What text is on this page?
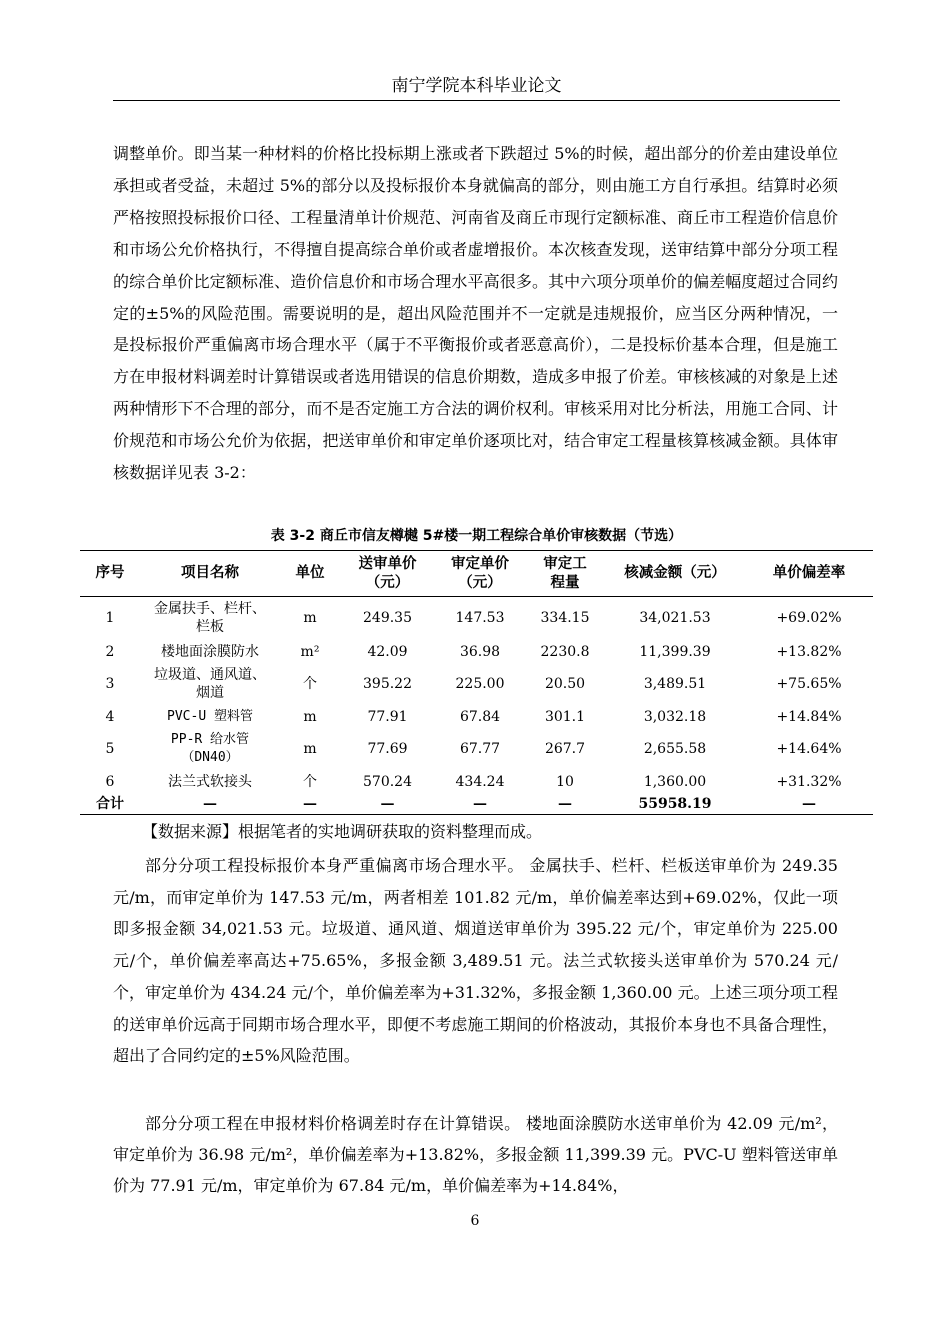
南宁学院本科毕业论文

调整单价。即当某一种材料的价格比投标期上涨或者下跌超过 5%的时候，超出部分的价差由建设单位承担或者受益，未超过 5%的部分以及投标报价本身就偏高的部分，则由施工方自行承担。结算时必须严格按照投标报价口径、工程量清单计价规范、河南省及商丘市现行定额标准、商丘市工程造价信息价和市场公允价格执行，不得擅自提高综合单价或者虚增报价。本次核查发现，送审结算中部分分项工程的综合单价比定额标准、造价信息价和市场合理水平高很多。其中六项分项单价的偏差幅度超过合同约定的±5%的风险范围。需要说明的是，超出风险范围并不一定就是违规报价，应当区分两种情况，一是投标报价严重偏离市场合理水平（属于不平衡报价或者恶意高价），二是投标价基本合理，但是施工方在申报材料调差时计算错误或者选用错误的信息价期数，造成多申报了价差。审核核减的对象是上述两种情形下不合理的部分，而不是否定施工方合法的调价权利。审核采用对比分析法，用施工合同、计价规范和市场公允价为依据，把送审单价和审定单价逐项比对，结合审定工程量核算核减金额。具体审核数据详见表 3-2：

表 3-2 商丘市信友樽樾 5#楼一期工程综合单价审核数据（节选）
序号	项目名称	单位	送审单价
（元）	审定单价
（元）	审定工
程量	核减金额（元）	单价偏差率
1	金属扶手、栏杆、
栏板	m	249.35	147.53	334.15	34,021.53	+69.02%
2	楼地面涂膜防水	m²	42.09	36.98	2230.8	11,399.39	+13.82%
3	垃圾道、通风道、
烟道	个	395.22	225.00	20.50	3,489.51	+75.65%
4	PVC-U 塑料管	m	77.91	67.84	301.1	3,032.18	+14.84%
5	PP-R 给水管
（DN40）	m	77.69	67.77	267.7	2,655.58	+14.64%
6	法兰式软接头	个	570.24	434.24	10	1,360.00	+31.32%
合计	—	—	—	—	—	55958.19	—
【数据来源】根据笔者的实地调研获取的资料整理而成。

部分分项工程投标报价本身严重偏离市场合理水平。 金属扶手、栏杆、栏板送审单价为 249.35 元/m，而审定单价为 147.53 元/m，两者相差 101.82 元/m，单价偏差率达到+69.02%，仅此一项即多报金额 34,021.53 元。垃圾道、通风道、烟道送审单价为 395.22 元/个，审定单价为 225.00 元/个，单价偏差率高达+75.65%，多报金额 3,489.51 元。法兰式软接头送审单价为 570.24 元/个，审定单价为 434.24 元/个，单价偏差率为+31.32%，多报金额 1,360.00 元。上述三项分项工程的送审单价远高于同期市场合理水平，即便不考虑施工期间的价格波动，其报价本身也不具备合理性，超出了合同约定的±5%风险范围。

部分分项工程在申报材料价格调差时存在计算错误。 楼地面涂膜防水送审单价为 42.09 元/m²，审定单价为 36.98 元/m²，单价偏差率为+13.82%，多报金额 11,399.39 元。PVC-U 塑料管送审单价为 77.91 元/m，审定单价为 67.84 元/m，单价偏差率为+14.84%，

6
